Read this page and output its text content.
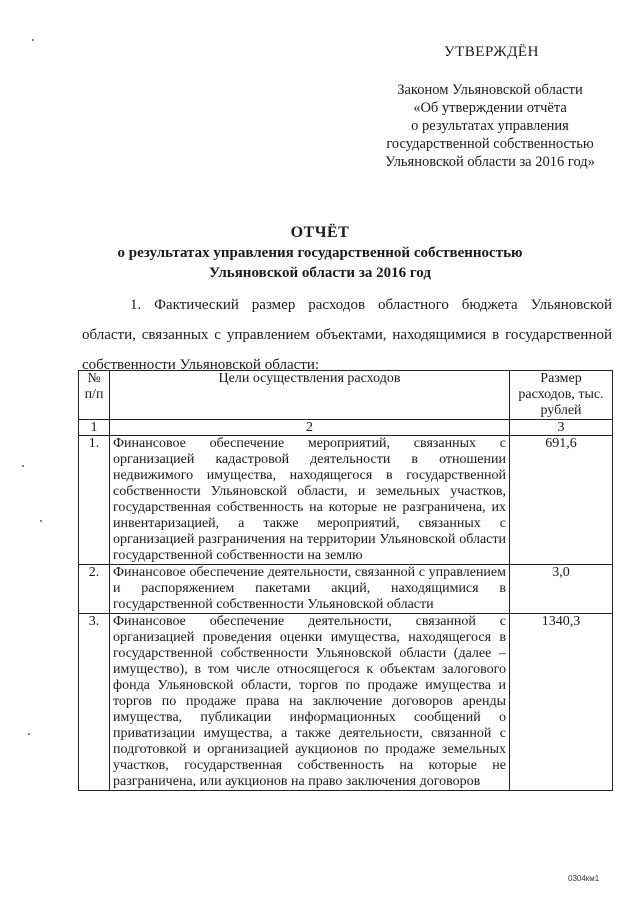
УТВЕРЖДЁН
Законом Ульяновской области
«Об утверждении отчёта
о результатах управления
государственной собственностью
Ульяновской области за 2016 год»
ОТЧЁТ
о результатах управления государственной собственностью
Ульяновской области за 2016 год
1. Фактический размер расходов областного бюджета Ульяновской области, связанных с управлением объектами, находящимися в государственной собственности Ульяновской области:
№ п/п	Цели осуществления расходов	Размер расходов, тыс. рублей
1	2	3
1.	Финансовое обеспечение мероприятий, связанных с организацией кадастровой деятельности в отношении недвижимого имущества, находящегося в государственной собственности Ульяновской области, и земельных участков, государственная собственность на которые не разграничена, их инвентаризацией, а также мероприятий, связанных с организацией разграничения на территории Ульяновской области государственной собственности на землю	691,6
2.	Финансовое обеспечение деятельности, связанной с управлением и распоряжением пакетами акций, находящимися в государственной собственности Ульяновской области	3,0
3.	Финансовое обеспечение деятельности, связанной с организацией проведения оценки имущества, находящегося в государственной собственности Ульяновской области (далее – имущество), в том числе относящегося к объектам залогового фонда Ульяновской области, торгов по продаже имущества и торгов по продаже права на заключение договоров аренды имущества, публикации информационных сообщений о приватизации имущества, а также деятельности, связанной с подготовкой и организацией аукционов по продаже земельных участков, государственная собственность на которые не разграничена, или аукционов на право заключения договоров	1340,3
0304км1
